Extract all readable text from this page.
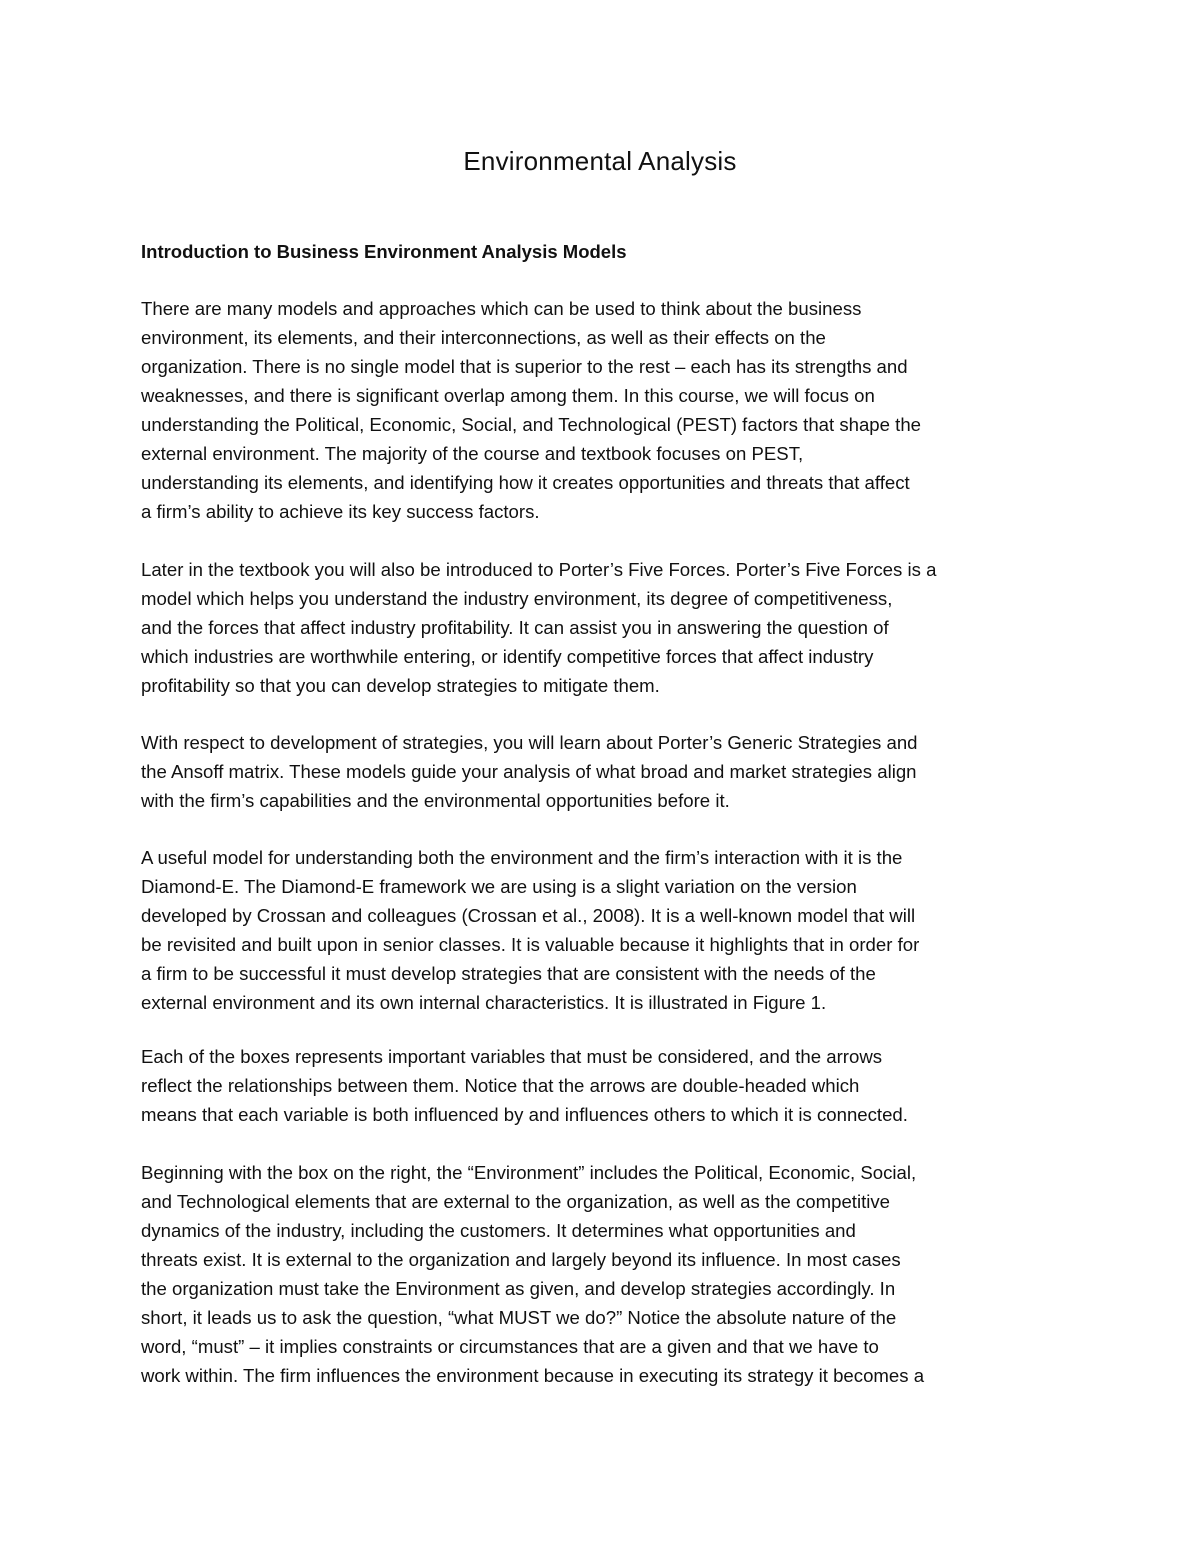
Environmental Analysis
Introduction to Business Environment Analysis Models
There are many models and approaches which can be used to think about the business
environment, its elements, and their interconnections, as well as their effects on the
organization. There is no single model that is superior to the rest – each has its strengths and
weaknesses, and there is significant overlap among them. In this course, we will focus on
understanding the Political, Economic, Social, and Technological (PEST) factors that shape the
external environment. The majority of the course and textbook focuses on PEST,
understanding its elements, and identifying how it creates opportunities and threats that affect
a firm’s ability to achieve its key success factors.
Later in the textbook you will also be introduced to Porter’s Five Forces. Porter’s Five Forces is a
model which helps you understand the industry environment, its degree of competitiveness,
and the forces that affect industry profitability. It can assist you in answering the question of
which industries are worthwhile entering, or identify competitive forces that affect industry
profitability so that you can develop strategies to mitigate them.
With respect to development of strategies, you will learn about Porter’s Generic Strategies and
the Ansoff matrix. These models guide your analysis of what broad and market strategies align
with the firm’s capabilities and the environmental opportunities before it.
A useful model for understanding both the environment and the firm’s interaction with it is the
Diamond-E. The Diamond-E framework we are using is a slight variation on the version
developed by Crossan and colleagues (Crossan et al., 2008). It is a well-known model that will
be revisited and built upon in senior classes. It is valuable because it highlights that in order for
a firm to be successful it must develop strategies that are consistent with the needs of the
external environment and its own internal characteristics. It is illustrated in Figure 1.
Each of the boxes represents important variables that must be considered, and the arrows
reflect the relationships between them. Notice that the arrows are double-headed which
means that each variable is both influenced by and influences others to which it is connected.
Beginning with the box on the right, the “Environment” includes the Political, Economic, Social,
and Technological elements that are external to the organization, as well as the competitive
dynamics of the industry, including the customers. It determines what opportunities and
threats exist. It is external to the organization and largely beyond its influence. In most cases
the organization must take the Environment as given, and develop strategies accordingly. In
short, it leads us to ask the question, “what MUST we do?” Notice the absolute nature of the
word, “must” – it implies constraints or circumstances that are a given and that we have to
work within. The firm influences the environment because in executing its strategy it becomes a
